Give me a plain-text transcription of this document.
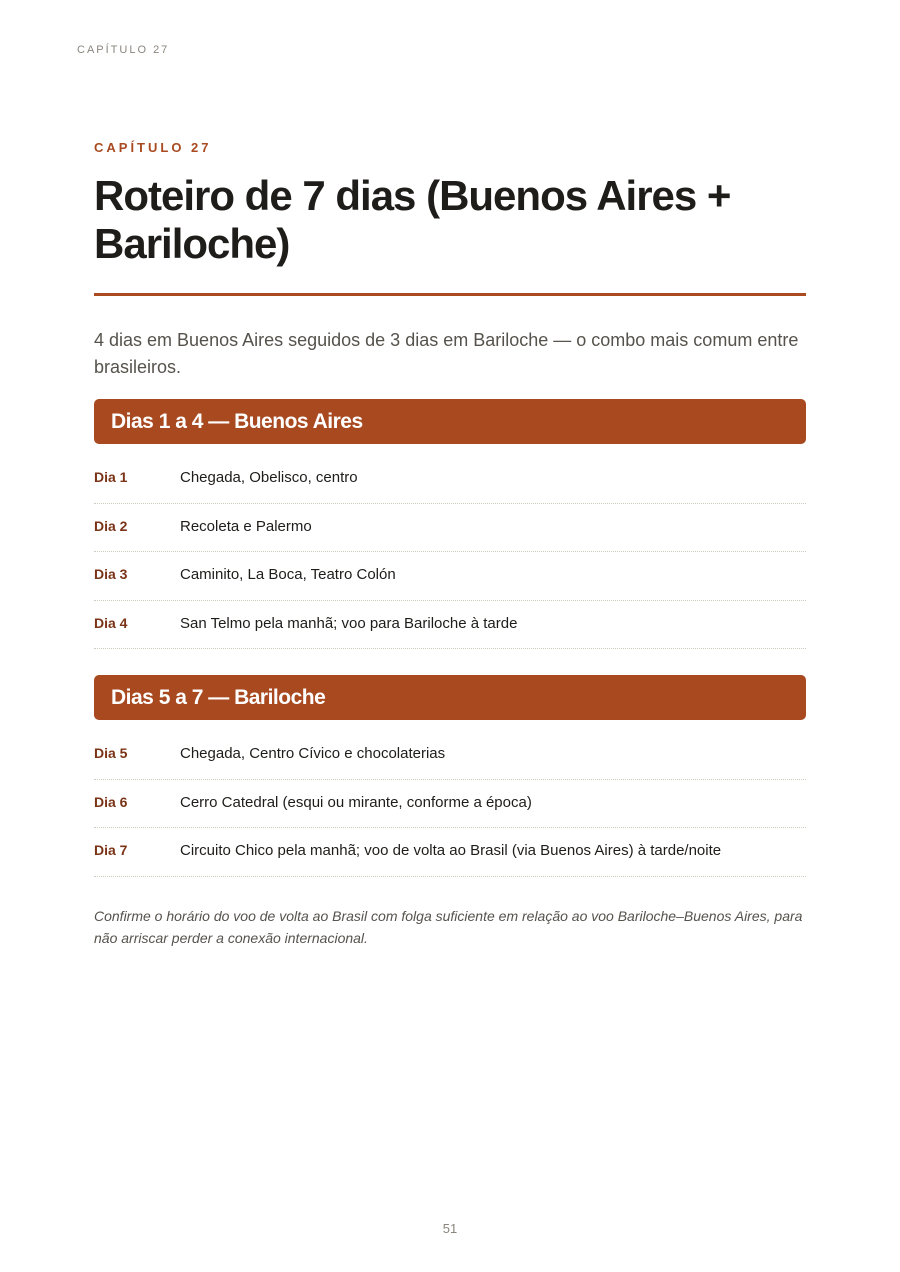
CAPÍTULO 27
CAPÍTULO 27
Roteiro de 7 dias (Buenos Aires + Bariloche)

4 dias em Buenos Aires seguidos de 3 dias em Bariloche — o combo mais comum entre brasileiros.

Dias 1 a 4 — Buenos Aires
Dia 1	Chegada, Obelisco, centro
Dia 2	Recoleta e Palermo
Dia 3	Caminito, La Boca, Teatro Colón
Dia 4	San Telmo pela manhã; voo para Bariloche à tarde
Dias 5 a 7 — Bariloche
Dia 5	Chegada, Centro Cívico e chocolaterias
Dia 6	Cerro Catedral (esqui ou mirante, conforme a época)
Dia 7	Circuito Chico pela manhã; voo de volta ao Brasil (via Buenos Aires) à tarde/noite

Confirme o horário do voo de volta ao Brasil com folga suficiente em relação ao voo Bariloche–Buenos Aires, para não arriscar perder a conexão internacional.

51
